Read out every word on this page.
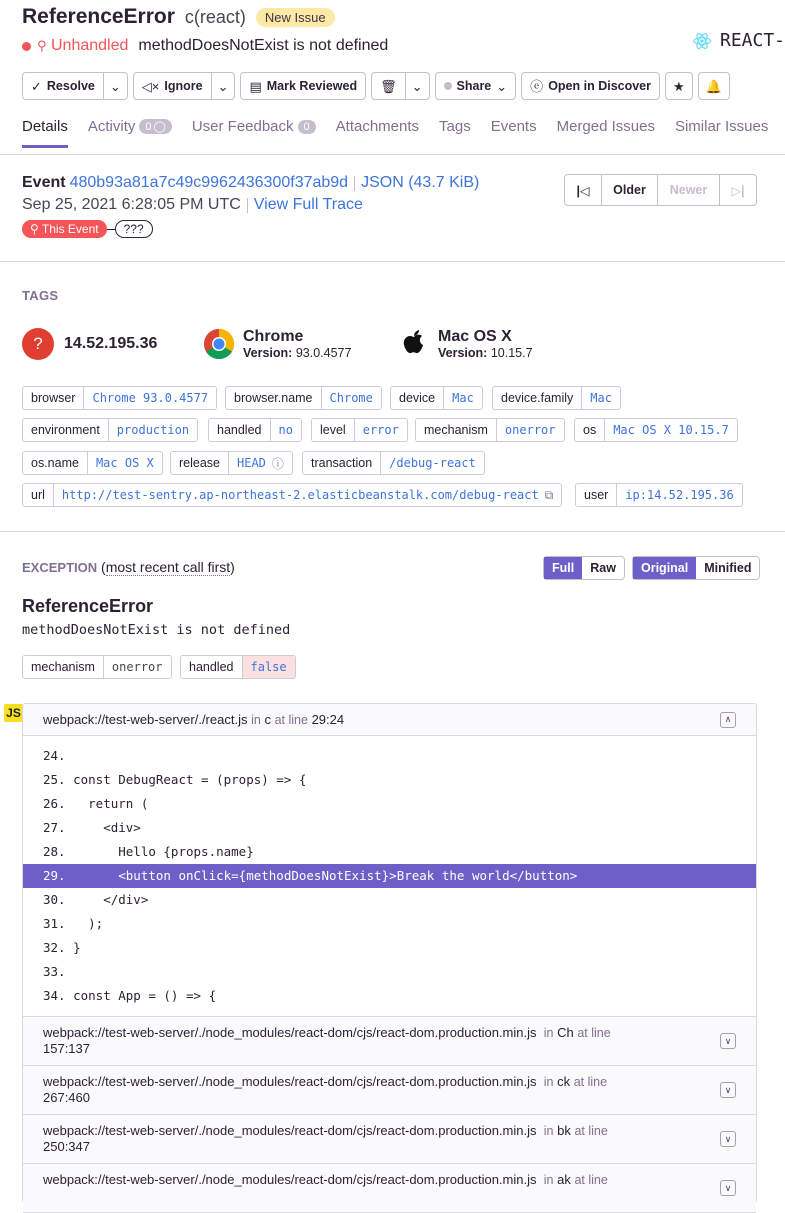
ReferenceError c(react)	New Issue
⚲ Unhandled methodDoesNotExist is not defined	REACT-
✓ Resolve ⌄ ◁× Ignore ⌄ ▤ Mark Reviewed 🗑 ⌄	Share ⌄ ⓔ Open in Discover ★ 🔔
Details Activity 0 ◯ User Feedback 0	Attachments Tags Events Merged Issues Similar Issues
Event 480b93a81a7c49c9962436300f37ab9d JSON (43.7 KiB)
Sep 25, 2021 6:28:05 PM UTC View Full Trace
⚲ This Event	???
|◁	Older	Newer	▷|
TAGS
?	14.52.195.36	Chrome
Version: 93.0.4577
Mac OS X
Version: 10.15.7
browser	Chrome 93.0.4577	browser.name	Chrome	device	Mac	device.family	Mac
environment	production	handled	no	level	error	mechanism	onerror	os	Mac OS X 10.15.7
os.name	Mac OS X	release	HEAD ⓘ	transaction	/debug-react
url	http://test-sentry.ap-northeast-2.elasticbeanstalk.com/debug-react ⧉	user	ip:14.52.195.36
EXCEPTION (most recent call first)	Full	Raw	Original	Minified
ReferenceError
methodDoesNotExist is not defined
mechanism	onerror	handled	false
JS webpack://test-web-server/./react.js in c at line 29:24	∧
24.
25. const DebugReact = (props) => {
26.   return (
27.     <div>
28.       Hello {props.name}
29.       <button onClick={methodDoesNotExist}>Break the world</button>
30.     </div>
31.   );
32. }
33.
34. const App = () => {
webpack://test-web-server/./node_modules/react-dom/cjs/react-dom.production.min.js in Ch at line
157:137
∨
webpack://test-web-server/./node_modules/react-dom/cjs/react-dom.production.min.js in ck at line
267:460
∨
webpack://test-web-server/./node_modules/react-dom/cjs/react-dom.production.min.js in bk at line
250:347
∨
webpack://test-web-server/./node_modules/react-dom/cjs/react-dom.production.min.js in ak at line

∨
